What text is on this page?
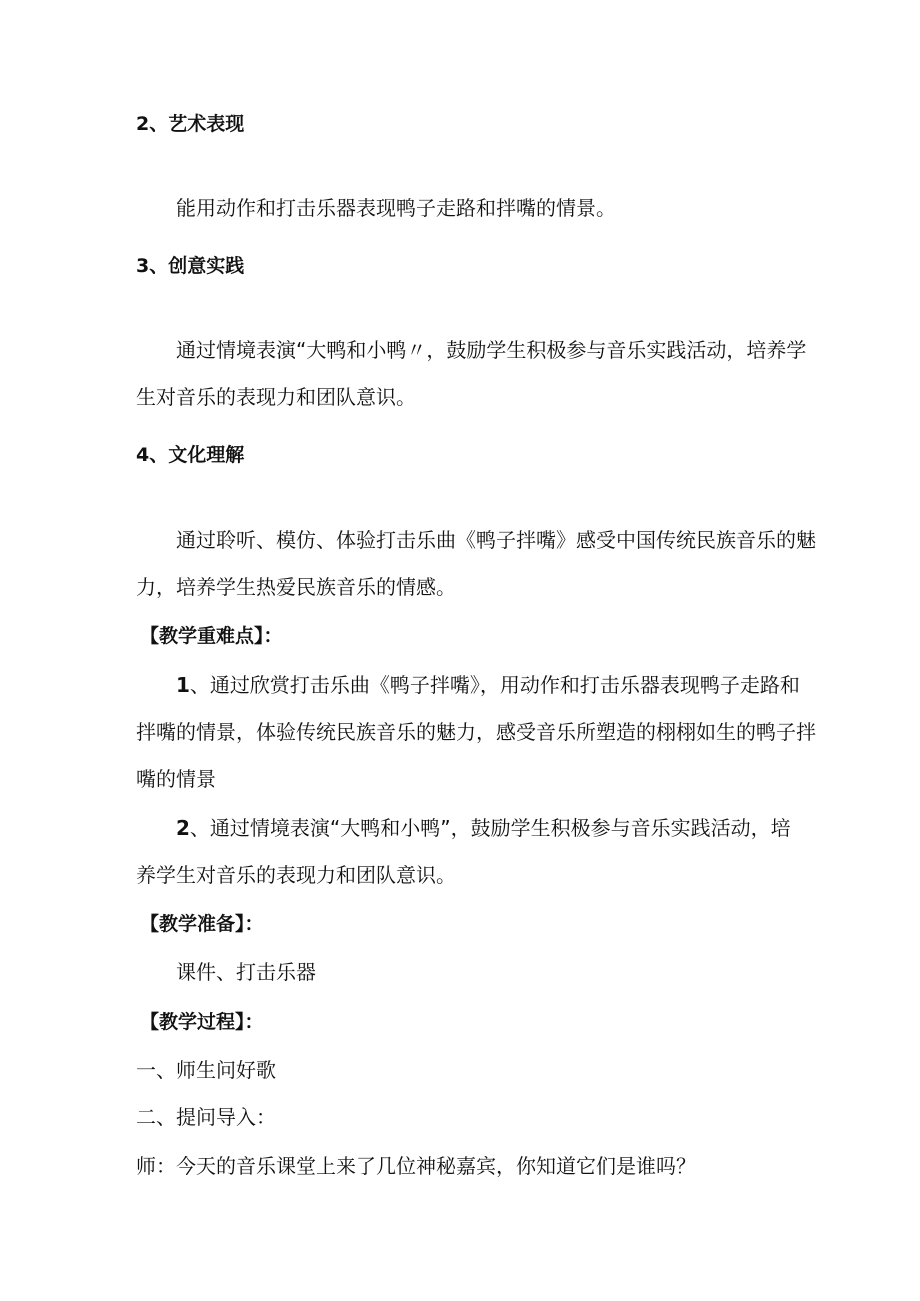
2、艺术表现
能用动作和打击乐器表现鸭子走路和拌嘴的情景。
3、创意实践
通过情境表演“大鸭和小鸭〃，鼓励学生积极参与音乐实践活动，培养学
生对音乐的表现力和团队意识。
4、文化理解
通过聆听、模仿、体验打击乐曲《鸭子拌嘴》感受中国传统民族音乐的魅
力，培养学生热爱民族音乐的情感。
【教学重难点】：
1、通过欣赏打击乐曲《鸭子拌嘴》，用动作和打击乐器表现鸭子走路和
拌嘴的情景，体验传统民族音乐的魅力，感受音乐所塑造的栩栩如生的鸭子拌
嘴的情景
2、通过情境表演“大鸭和小鸭”，鼓励学生积极参与音乐实践活动，培
养学生对音乐的表现力和团队意识。
【教学准备】：
课件、打击乐器
【教学过程】：
一、师生问好歌
二、提问导入：
师：今天的音乐课堂上来了几位神秘嘉宾，你知道它们是谁吗？
